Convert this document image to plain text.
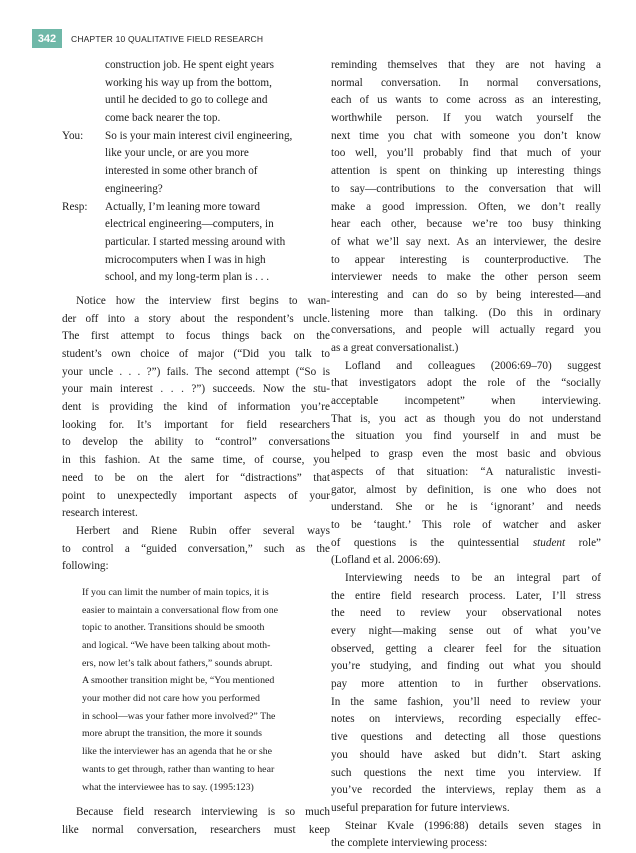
342	CHAPTER 10 QUALITATIVE FIELD RESEARCH
construction job. He spent eight years
working his way up from the bottom,
until he decided to go to college and
come back nearer the top.
You:	So is your main interest civil engineering,
like your uncle, or are you more
interested in some other branch of
engineering?
Resp:	Actually, I’m leaning more toward
electrical engineering—computers, in
particular. I started messing around with
microcomputers when I was in high
school, and my long-term plan is . . .
Notice how the interview first begins to wan-
der off into a story about the respondent’s uncle.
The first attempt to focus things back on the
student’s own choice of major (“Did you talk to
your uncle . . . ?”) fails. The second attempt (“So is
your main interest . . . ?”) succeeds. Now the stu-
dent is providing the kind of information you’re
looking for. It’s important for field researchers
to develop the ability to “control” conversations
in this fashion. At the same time, of course, you
need to be on the alert for “distractions” that
point to unexpectedly important aspects of your
research interest.
Herbert and Riene Rubin offer several ways
to control a “guided conversation,” such as the
following:
If you can limit the number of main topics, it is
easier to maintain a conversational flow from one
topic to another. Transitions should be smooth
and logical. “We have been talking about moth-
ers, now let’s talk about fathers,” sounds abrupt.
A smoother transition might be, “You mentioned
your mother did not care how you performed
in school—was your father more involved?” The
more abrupt the transition, the more it sounds
like the interviewer has an agenda that he or she
wants to get through, rather than wanting to hear
what the interviewee has to say. (1995:123)
Because field research interviewing is so much
like normal conversation, researchers must keep
reminding themselves that they are not having a
normal conversation. In normal conversations,
each of us wants to come across as an interesting,
worthwhile person. If you watch yourself the
next time you chat with someone you don’t know
too well, you’ll probably find that much of your
attention is spent on thinking up interesting things
to say—contributions to the conversation that will
make a good impression. Often, we don’t really
hear each other, because we’re too busy thinking
of what we’ll say next. As an interviewer, the desire
to appear interesting is counterproductive. The
interviewer needs to make the other person seem
interesting and can do so by being interested—and
listening more than talking. (Do this in ordinary
conversations, and people will actually regard you
as a great conversationalist.)
Lofland and colleagues (2006:69–70) suggest
that investigators adopt the role of the “socially
acceptable incompetent” when interviewing.
That is, you act as though you do not understand
the situation you find yourself in and must be
helped to grasp even the most basic and obvious
aspects of that situation: “A naturalistic investi-
gator, almost by definition, is one who does not
understand. She or he is ‘ignorant’ and needs
to be ‘taught.’ This role of watcher and asker
of questions is the quintessential student role”
(Lofland et al. 2006:69).
Interviewing needs to be an integral part of
the entire field research process. Later, I’ll stress
the need to review your observational notes
every night—making sense out of what you’ve
observed, getting a clearer feel for the situation
you’re studying, and finding out what you should
pay more attention to in further observations.
In the same fashion, you’ll need to review your
notes on interviews, recording especially effec-
tive questions and detecting all those questions
you should have asked but didn’t. Start asking
such questions the next time you interview. If
you’ve recorded the interviews, replay them as a
useful preparation for future interviews.
Steinar Kvale (1996:88) details seven stages in
the complete interviewing process:
